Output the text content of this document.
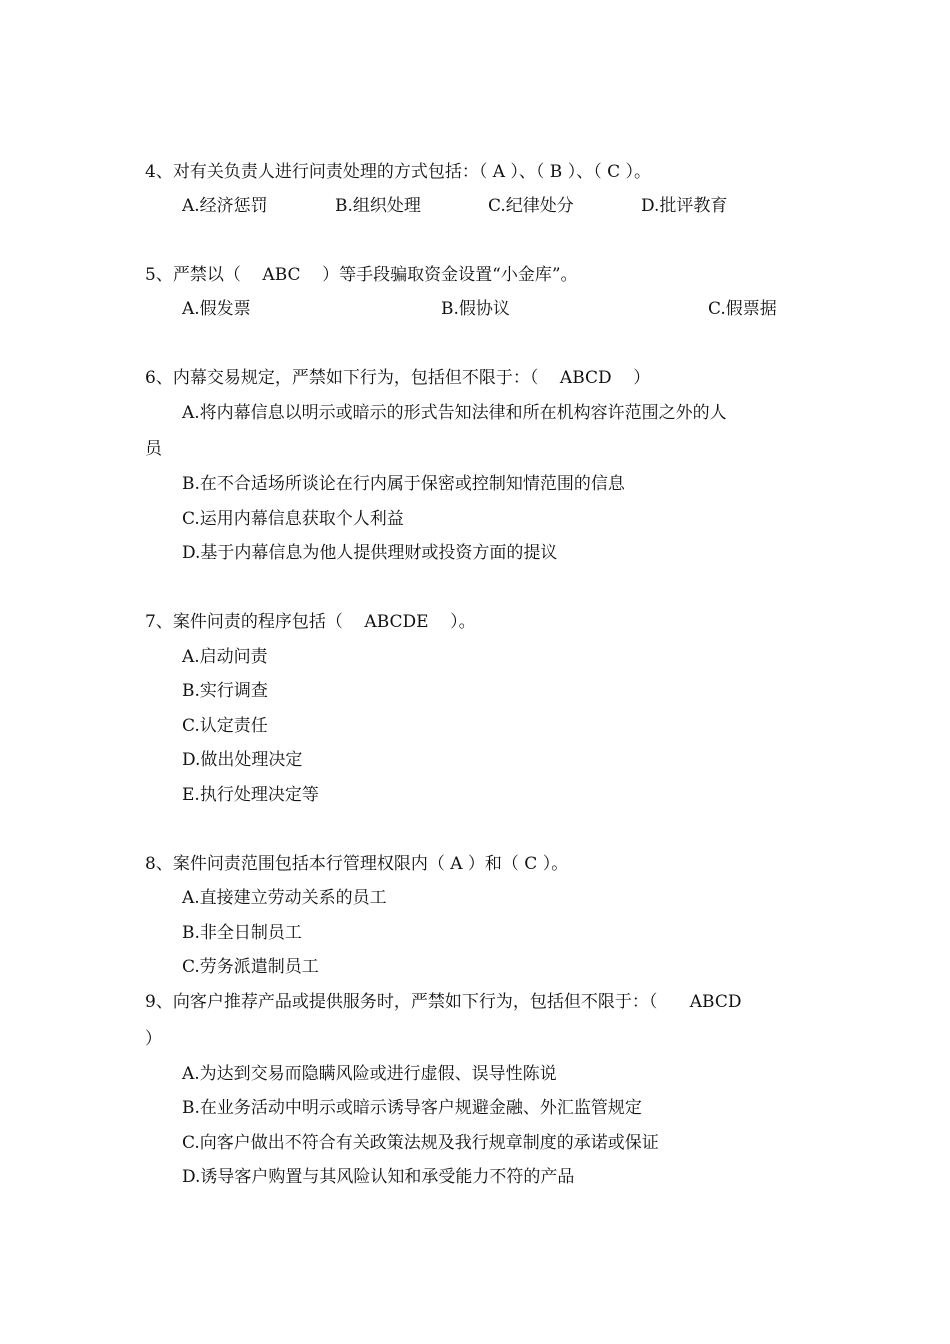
4、对有关负责人进行问责处理的方式包括：（ A ）、（ B ）、（ C ）。
A.经济惩罚	B.组织处理	C.纪律处分	D.批评教育
5、严禁以（    ABC    ）等手段骗取资金设置“小金库”。
A.假发票	B.假协议	C.假票据
6、内幕交易规定，严禁如下行为，包括但不限于：（    ABCD    ）
A.将内幕信息以明示或暗示的形式告知法律和所在机构容许范围之外的人
员
B.在不合适场所谈论在行内属于保密或控制知情范围的信息
C.运用内幕信息获取个人利益
D.基于内幕信息为他人提供理财或投资方面的提议
7、案件问责的程序包括（    ABCDE    ）。
A.启动问责
B.实行调查
C.认定责任
D.做出处理决定
E.执行处理决定等
8、案件问责范围包括本行管理权限内（ A ）和（ C ）。
A.直接建立劳动关系的员工
B.非全日制员工
C.劳务派遣制员工
9、向客户推荐产品或提供服务时，严禁如下行为，包括但不限于：（      ABCD
）
A.为达到交易而隐瞒风险或进行虚假、误导性陈说
B.在业务活动中明示或暗示诱导客户规避金融、外汇监管规定
C.向客户做出不符合有关政策法规及我行规章制度的承诺或保证
D.诱导客户购置与其风险认知和承受能力不符的产品
